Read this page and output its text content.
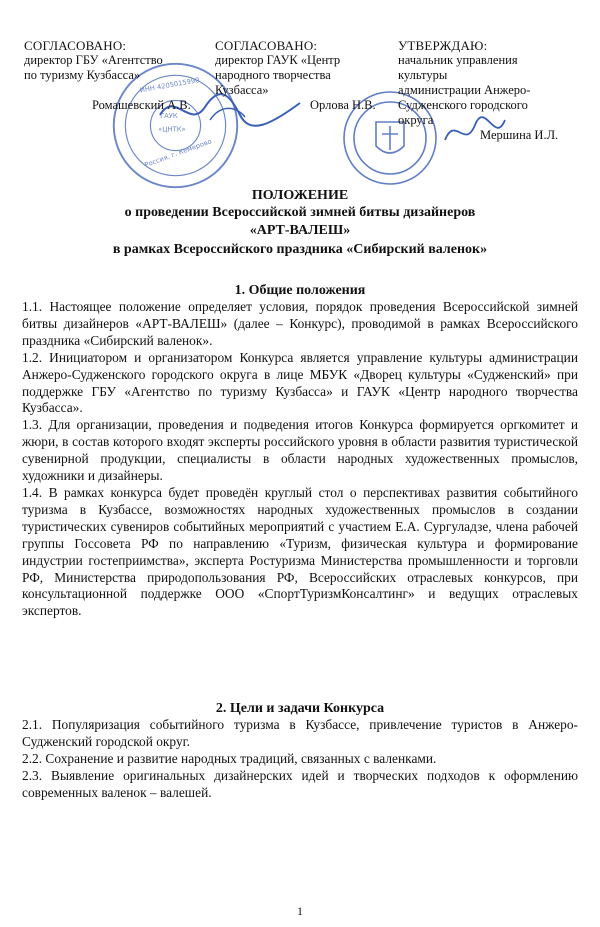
ГАУК
«ЦНТК»
Россия, г. Кемерово
ИНН 4205015990
СОГЛАСОВАНО:
директор ГБУ «Агентство
по туризму Кузбасса»
Ромашевский А.В.
СОГЛАСОВАНО:
директор ГАУК «Центр
народного творчества
Кузбасса»
Орлова Н.В.
УТВЕРЖДАЮ:
начальник управления
культуры
администрации Анжеро-
Судженского городского
округа
Мершина И.Л.
ПОЛОЖЕНИЕ
о проведении Всероссийской зимней битвы дизайнеров
«АРТ-ВАЛЕШ»
в рамках Всероссийского праздника «Сибирский валенок»
1. Общие положения

1.1. Настоящее положение определяет условия, порядок проведения Всероссийской зимней битвы дизайнеров «АРТ-ВАЛЕШ» (далее – Конкурс), проводимой в рамках Всероссийского праздника «Сибирский валенок».

1.2. Инициатором и организатором Конкурса является управление культуры администрации Анжеро-Судженского городского округа в лице МБУК «Дворец культуры «Судженский» при поддержке ГБУ «Агентство по туризму Кузбасса» и ГАУК «Центр народного творчества Кузбасса».

1.3. Для организации, проведения и подведения итогов Конкурса формируется оргкомитет и жюри, в состав которого входят эксперты российского уровня в области развития туристической сувенирной продукции, специалисты в области народных художественных промыслов, художники и дизайнеры.

1.4. В рамках конкурса будет проведён круглый стол о перспективах развития событийного туризма в Кузбассе, возможностях народных художественных промыслов в создании туристических сувениров событийных мероприятий с участием Е.А. Сургуладзе, члена рабочей группы Госсовета РФ по направлению «Туризм, физическая культура и формирование индустрии гостеприимства», эксперта Ростуризма Министерства промышленности и торговли РФ, Министерства природопользования РФ, Всероссийских отраслевых конкурсов, при консультационной поддержке ООО «СпортТуризмКонсалтинг» и ведущих отраслевых экспертов.

2. Цели и задачи Конкурса

2.1. Популяризация событийного туризма в Кузбассе, привлечение туристов в Анжеро-Судженский городской округ.

2.2. Сохранение и развитие народных традиций, связанных с валенками.

2.3. Выявление оригинальных дизайнерских идей и творческих подходов к оформлению современных валенок – валешей.

1
